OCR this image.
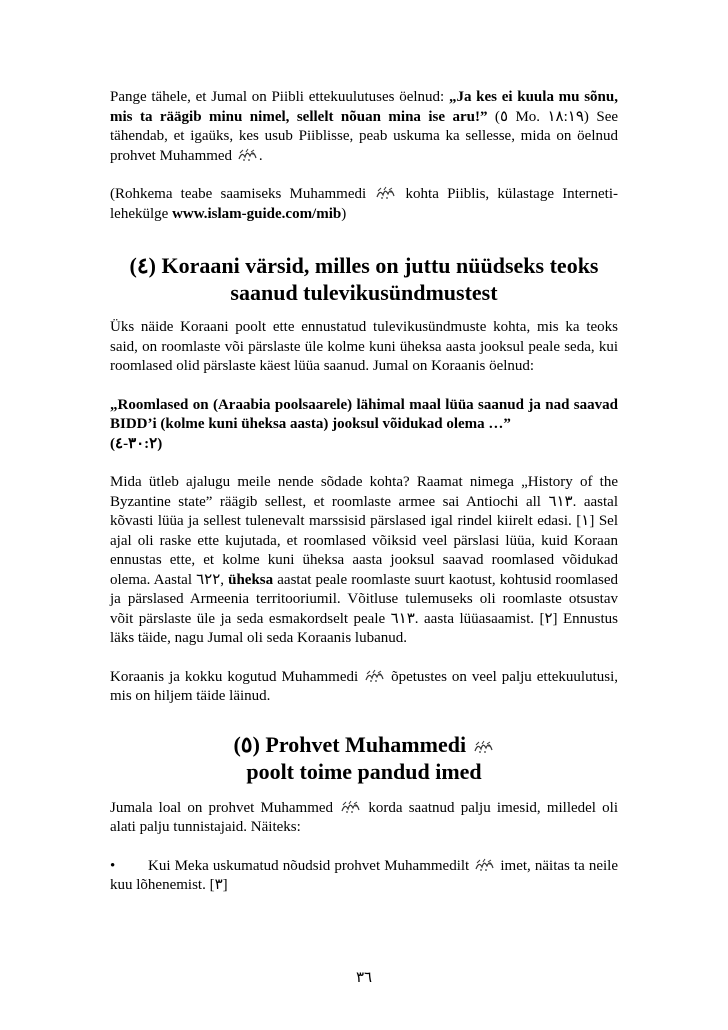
Pange tähele, et Jumal on Piibli ettekuulutuses öelnud: „Ja kes ei kuula mu sõnu, mis ta räägib minu nimel, sellelt nõuan mina ise aru!” (٥ Mo. ١٨:١٩) See tähendab, et igaüks, kes usub Piiblisse, peab uskuma ka sellesse, mida on öelnud prohvet Muhammed
.

(Rohkema teabe saamiseks Muhammedi
kohta Piiblis, külastage Interneti-lehekülge www.islam-guide.com/mib)

(٤) Koraani värsid, milles on juttu nüüdseks teoks
saanud tulevikusündmustest

Üks näide Koraani poolt ette ennustatud tulevikusündmuste kohta, mis ka teoks said, on roomlaste või pärslaste üle kolme kuni üheksa aasta jooksul peale seda, kui roomlased olid pärslaste käest lüüa saanud. Jumal on Koraanis öelnud:

„Roomlased on (Araabia poolsaarele) lähimal maal lüüa saanud ja nad saavad BIDD’i (kolme kuni üheksa aasta) jooksul võidukad olema …”
(٣٠:٢-٤)

Mida ütleb ajalugu meile nende sõdade kohta? Raamat nimega „History of the Byzantine state” räägib sellest, et roomlaste armee sai Antiochi all ٦١٣. aastal kõvasti lüüa ja sellest tulenevalt marssisid pärslased igal rindel kiirelt edasi. [١] Sel ajal oli raske ette kujutada, et roomlased võiksid veel pärslasi lüüa, kuid Koraan ennustas ette, et kolme kuni üheksa aasta jooksul saavad roomlased võidukad olema. Aastal ٦٢٢, üheksa aastat peale roomlaste suurt kaotust, kohtusid roomlased ja pärslased Armeenia territooriumil. Võitluse tulemuseks oli roomlaste otsustav võit pärslaste üle ja seda esmakordselt peale ٦١٣. aasta lüüasaamist. [٢] Ennustus läks täide, nagu Jumal oli seda Koraanis lubanud.

Koraanis ja kokku kogutud Muhammedi
õpetustes on veel palju ettekuulutusi, mis on hiljem täide läinud.

(٥) Prohvet Muhammedi
poolt toime pandud imed

Jumala loal on prohvet Muhammed
korda saatnud palju imesid, milledel oli alati palju tunnistajaid. Näiteks:

• Kui Meka uskumatud nõudsid prohvet Muhammedilt
imet, näitas ta neile kuu lõhenemist. [٣]

٣٦
